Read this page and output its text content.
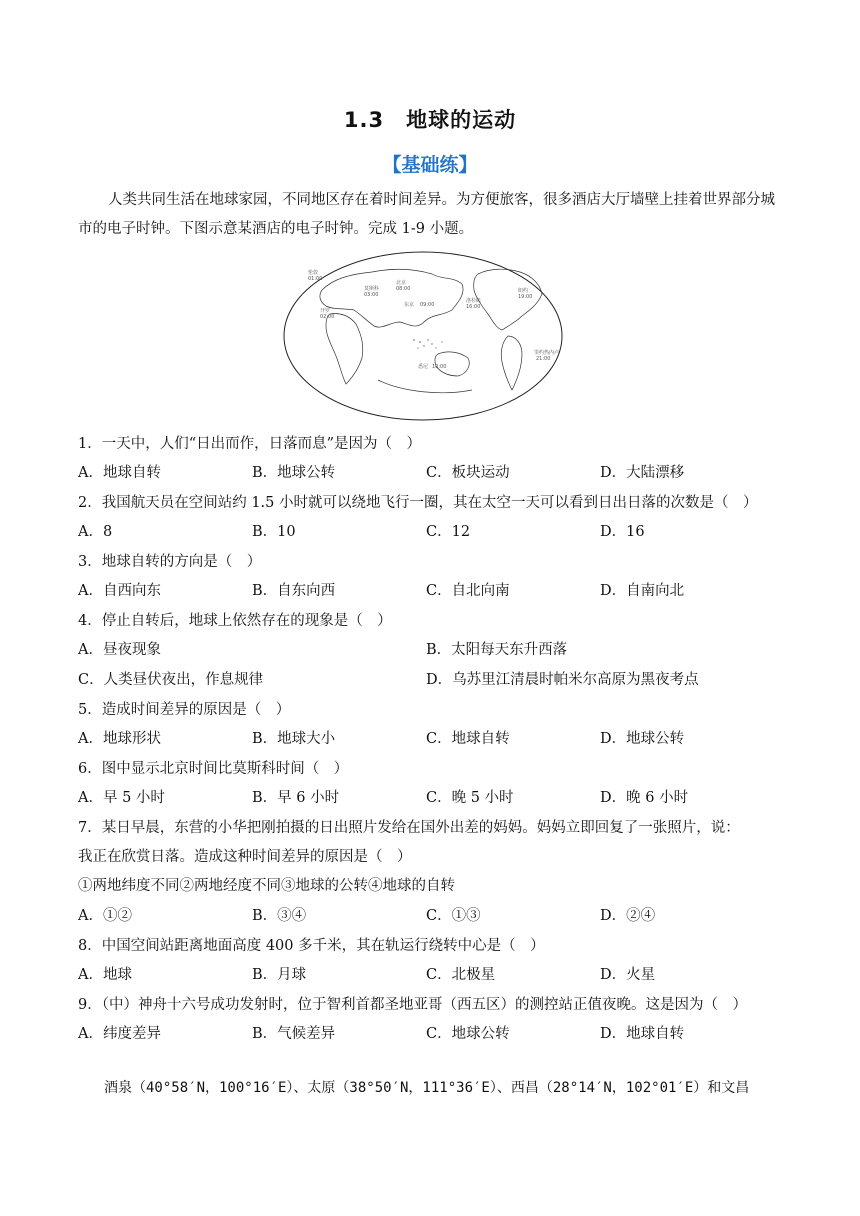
1.3 地球的运动
【基础练】

人类共同生活在地球家园，不同地区存在着时间差异。为方便旅客，很多酒店大厅墙壁上挂着世界部分城市的电子时钟。下图示意某酒店的电子时钟。完成 1-9 小题。

伦敦
01:00
莫斯科
03:00
北京
08:00
东京 09:00
洛杉矶
16:00
纽约
19:00
开罗
02:00
悉尼 10:00
里约热内卢
21:00
1．一天中，人们“日出而作，日落而息”是因为（　）
A．地球自转	B．地球公转	C．板块运动	D．大陆漂移
2．我国航天员在空间站约 1.5 小时就可以绕地飞行一圈，其在太空一天可以看到日出日落的次数是（　）
A．8	B．10	C．12	D．16
3．地球自转的方向是（　）
A．自西向东	B．自东向西	C．自北向南	D．自南向北
4．停止自转后，地球上依然存在的现象是（　）
A．昼夜现象	B．太阳每天东升西落
C．人类昼伏夜出，作息规律	D．乌苏里江清晨时帕米尔高原为黑夜考点
5．造成时间差异的原因是（　）
A．地球形状	B．地球大小	C．地球自转	D．地球公转
6．图中显示北京时间比莫斯科时间（　）
A．早 5 小时	B．早 6 小时	C．晚 5 小时	D．晚 6 小时
7．某日早晨，东营的小华把刚拍摄的日出照片发给在国外出差的妈妈。妈妈立即回复了一张照片，说：
我正在欣赏日落。造成这种时间差异的原因是（　）
①两地纬度不同②两地经度不同③地球的公转④地球的自转
A．①②	B．③④	C．①③	D．②④
8．中国空间站距离地面高度 400 多千米，其在轨运行绕转中心是（　）
A．地球	B．月球	C．北极星	D．火星
9．（中）神舟十六号成功发射时，位于智利首都圣地亚哥（西五区）的测控站正值夜晚。这是因为（　）
A．纬度差异	B．气候差异	C．地球公转	D．地球自转
酒泉（40°58′N，100°16′E）、太原（38°50′N，111°36′E）、西昌（28°14′N，102°01′E）和文昌
